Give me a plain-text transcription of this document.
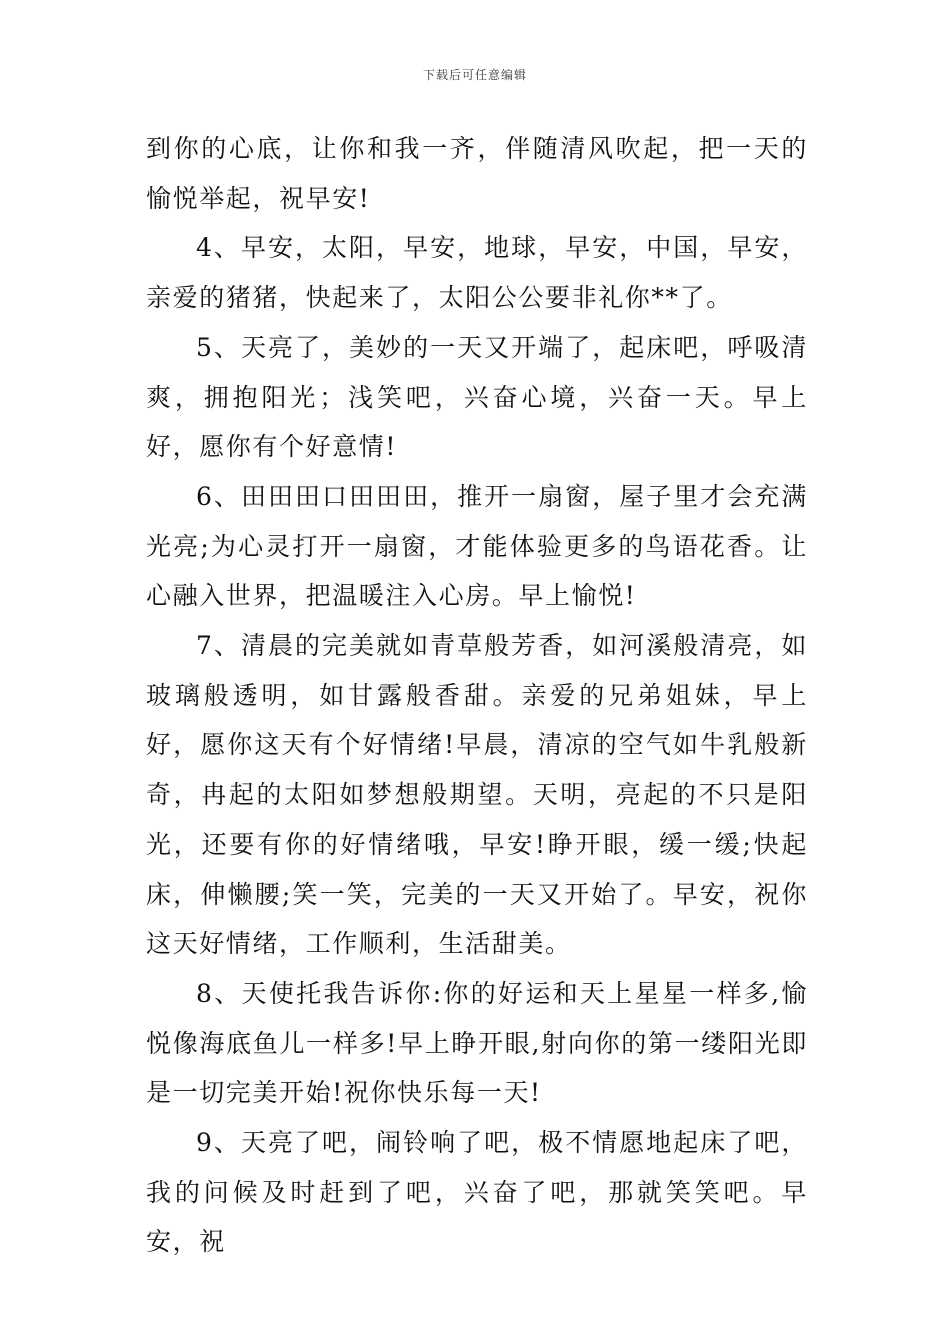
下载后可任意编辑

到你的心底，让你和我一齐，伴随清风吹起，把一天的愉悦举起，祝早安!

4、早安，太阳，早安，地球，早安，中国，早安，亲爱的猪猪，快起来了，太阳公公要非礼你**了。

5、天亮了，美妙的一天又开端了，起床吧，呼吸清爽，拥抱阳光；浅笑吧，兴奋心境，兴奋一天。早上好，愿你有个好意情!

6、田田田口田田田，推开一扇窗，屋子里才会充满光亮;为心灵打开一扇窗，才能体验更多的鸟语花香。让心融入世界，把温暖注入心房。早上愉悦!

7、清晨的完美就如青草般芳香，如河溪般清亮，如玻璃般透明，如甘露般香甜。亲爱的兄弟姐妹，早上好，愿你这天有个好情绪!早晨，清凉的空气如牛乳般新奇，冉起的太阳如梦想般期望。天明，亮起的不只是阳光，还要有你的好情绪哦，早安!睁开眼，缓一缓;快起床，伸懒腰;笑一笑，完美的一天又开始了。早安，祝你这天好情绪，工作顺利，生活甜美。

8、天使托我告诉你:你的好运和天上星星一样多,愉悦像海底鱼儿一样多!早上睁开眼,射向你的第一缕阳光即是一切完美开始!祝你快乐每一天!

9、天亮了吧，闹铃响了吧，极不情愿地起床了吧，我的问候及时赶到了吧，兴奋了吧，那就笑笑吧。早安，祝
